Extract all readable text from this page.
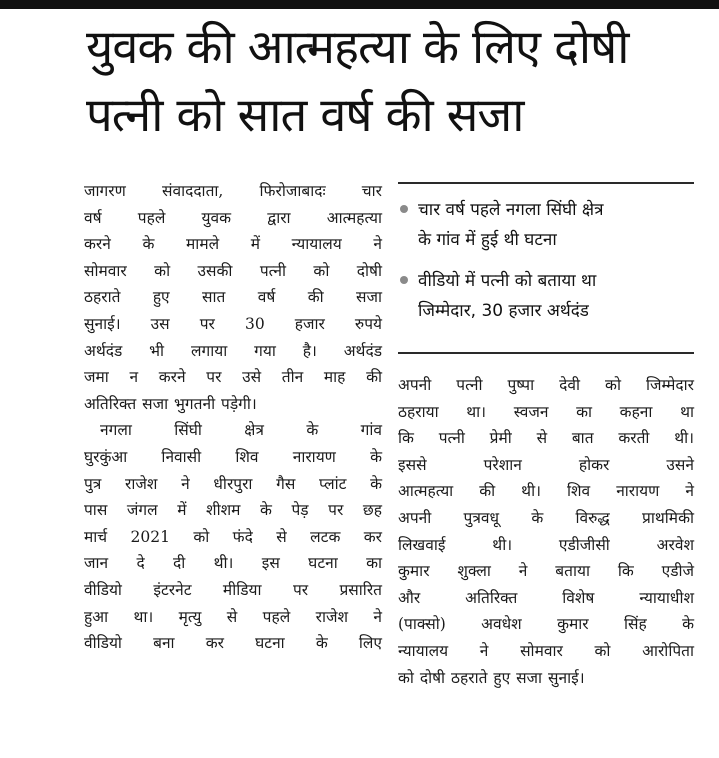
युवक की आत्महत्या के लिए दोषी
पत्नी को सात वर्ष की सजा

जागरण संवाददाता, फिरोजाबादः चार

वर्ष पहले युवक द्वारा आत्महत्या

करने के मामले में न्यायालय ने

सोमवार को उसकी पत्नी को दोषी

ठहराते हुए सात वर्ष की सजा

सुनाई। उस पर 30 हजार रुपये

अर्थदंड भी लगाया गया है। अर्थदंड

जमा न करने पर उसे तीन माह की

अतिरिक्त सजा भुगतनी पड़ेगी।

नगला सिंघी क्षेत्र के गांव

घुरकुंआ निवासी शिव नारायण के

पुत्र राजेश ने धीरपुरा गैस प्लांट के

पास जंगल में शीशम के पेड़ पर छह

मार्च 2021 को फंदे से लटक कर

जान दे दी थी। इस घटना का

वीडियो इंटरनेट मीडिया पर प्रसारित

हुआ था। मृत्यु से पहले राजेश ने

वीडियो बना कर घटना के लिए

चार वर्ष पहले नगला सिंघी क्षेत्र
के गांव में हुई थी घटना
वीडियो में पत्नी को बताया था
जिम्मेदार, 30 हजार अर्थदंड

अपनी पत्नी पुष्पा देवी को जिम्मेदार

ठहराया था। स्वजन का कहना था

कि पत्नी प्रेमी से बात करती थी।

इससे परेशान होकर उसने

आत्महत्या की थी। शिव नारायण ने

अपनी पुत्रवधू के विरुद्ध प्राथमिकी

लिखवाई थी। एडीजीसी अरवेश

कुमार शुक्ला ने बताया कि एडीजे

और अतिरिक्त विशेष न्यायाधीश

(पाक्सो) अवधेश कुमार सिंह के

न्यायालय ने सोमवार को आरोपिता

को दोषी ठहराते हुए सजा सुनाई।
